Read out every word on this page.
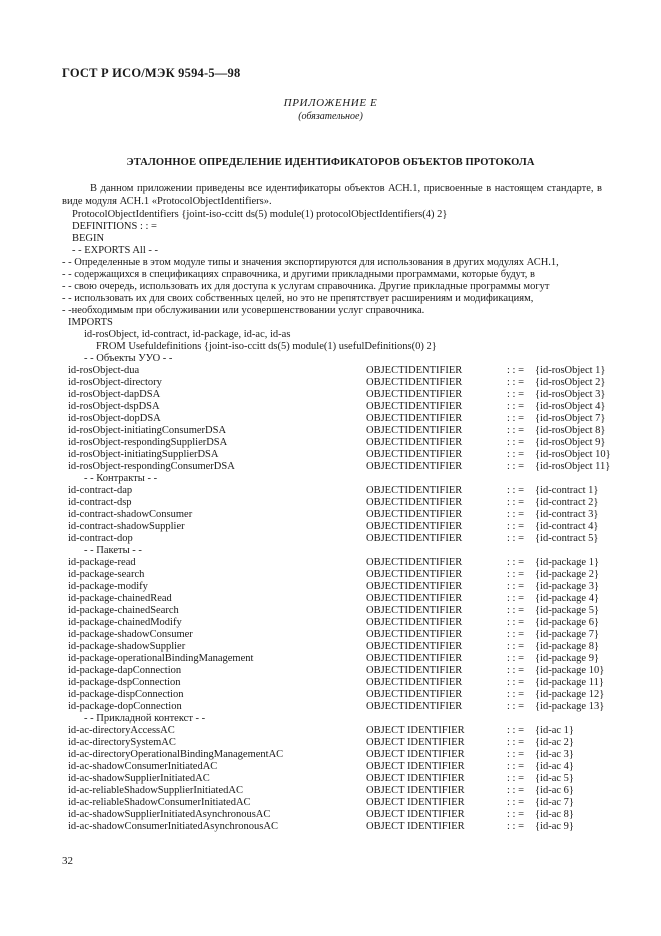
ГОСТ Р ИСО/МЭК 9594-5—98
ПРИЛОЖЕНИЕ Е
(обязательное)
ЭТАЛОННОЕ ОПРЕДЕЛЕНИЕ ИДЕНТИФИКАТОРОВ ОБЪЕКТОВ ПРОТОКОЛА

В данном приложении приведены все идентификаторы объектов АСН.1, присвоенные в настоящем стандарте, в виде модуля АСН.1 «ProtocolObjectIdentifiers».

ProtocolObjectIdentifiers {joint-iso-ccitt ds(5) module(1) protocolObjectIdentifiers(4) 2}
DEFINITIONS : : =
BEGIN
- - EXPORTS All - -
- - Определенные в этом модуле типы и значения экспортируются для использования в других модулях АСН.1,
- - содержащихся в спецификациях справочника, и другими прикладными программами, которые будут, в
- - свою очередь, использовать их для доступа к услугам справочника. Другие прикладные программы могут
- - использовать их для своих собственных целей, но это не препятствует расширениям и модификациям,
- -необходимым при обслуживании или усовершенствовании услуг справочника.
IMPORTS
id-rosObject, id-contract, id-package, id-ac, id-as
FROM Usefuldefinitions {joint-iso-ccitt ds(5) module(1) usefulDefinitions(0) 2}
- - Объекты УУО - -
id-rosObject-dua	OBJECTIDENTIFIER	: : = {id-rosObject 1}
id-rosObject-directory	OBJECTIDENTIFIER	: : = {id-rosObject 2}
id-rosObject-dapDSA	OBJECTIDENTIFIER	: : = {id-rosObject 3}
id-rosObject-dspDSA	OBJECTIDENTIFIER	: : = {id-rosObject 4}
id-rosObject-dopDSA	OBJECTIDENTIFIER	: : = {id-rosObject 7}
id-rosObject-initiatingConsumerDSA	OBJECTIDENTIFIER	: : = {id-rosObject 8}
id-rosObject-respondingSupplierDSA	OBJECTIDENTIFIER	: : = {id-rosObject 9}
id-rosObject-initiatingSupplierDSA	OBJECTIDENTIFIER	: : = {id-rosObject 10}
id-rosObject-respondingConsumerDSA	OBJECTIDENTIFIER	: : = {id-rosObject 11}
- - Контракты - -
id-contract-dap	OBJECTIDENTIFIER	: : = {id-contract 1}
id-contract-dsp	OBJECTIDENTIFIER	: : = {id-contract 2}
id-contract-shadowConsumer	OBJECTIDENTIFIER	: : = {id-contract 3}
id-contract-shadowSupplier	OBJECTIDENTIFIER	: : = {id-contract 4}
id-contract-dop	OBJECTIDENTIFIER	: : = {id-contract 5}
- - Пакеты - -
id-package-read	OBJECTIDENTIFIER	: : = {id-package 1}
id-package-search	OBJECTIDENTIFIER	: : = {id-package 2}
id-package-modify	OBJECTIDENTIFIER	: : = {id-package 3}
id-package-chainedRead	OBJECTIDENTIFIER	: : = {id-package 4}
id-package-chainedSearch	OBJECTIDENTIFIER	: : = {id-package 5}
id-package-chainedModify	OBJECTIDENTIFIER	: : = {id-package 6}
id-package-shadowConsumer	OBJECTIDENTIFIER	: : = {id-package 7}
id-package-shadowSupplier	OBJECTIDENTIFIER	: : = {id-package 8}
id-package-operationalBindingManagement	OBJECTIDENTIFIER	: : = {id-package 9}
id-package-dapConnection	OBJECTIDENTIFIER	: : = {id-package 10}
id-package-dspConnection	OBJECTIDENTIFIER	: : = {id-package 11}
id-package-dispConnection	OBJECTIDENTIFIER	: : = {id-package 12}
id-package-dopConnection	OBJECTIDENTIFIER	: : = {id-package 13}
- - Прикладной контекст - -
id-ac-directoryAccessAC	OBJECT IDENTIFIER	: : = {id-ac 1}
id-ac-directorySystemAC	OBJECT IDENTIFIER	: : = {id-ac 2}
id-ac-directoryOperationalBindingManagementAC	OBJECT IDENTIFIER	: : = {id-ac 3}
id-ac-shadowConsumerInitiatedAC	OBJECT IDENTIFIER	: : = {id-ac 4}
id-ac-shadowSupplierInitiatedAC	OBJECT IDENTIFIER	: : = {id-ac 5}
id-ac-reliableShadowSupplierInitiatedAC	OBJECT IDENTIFIER	: : = {id-ac 6}
id-ac-reliableShadowConsumerInitiatedAC	OBJECT IDENTIFIER	: : = {id-ac 7}
id-ac-shadowSupplierInitiatedAsynchronousAC	OBJECT IDENTIFIER	: : = {id-ac 8}
id-ac-shadowConsumerInitiatedAsynchronousAC	OBJECT IDENTIFIER	: : = {id-ac 9}
32
